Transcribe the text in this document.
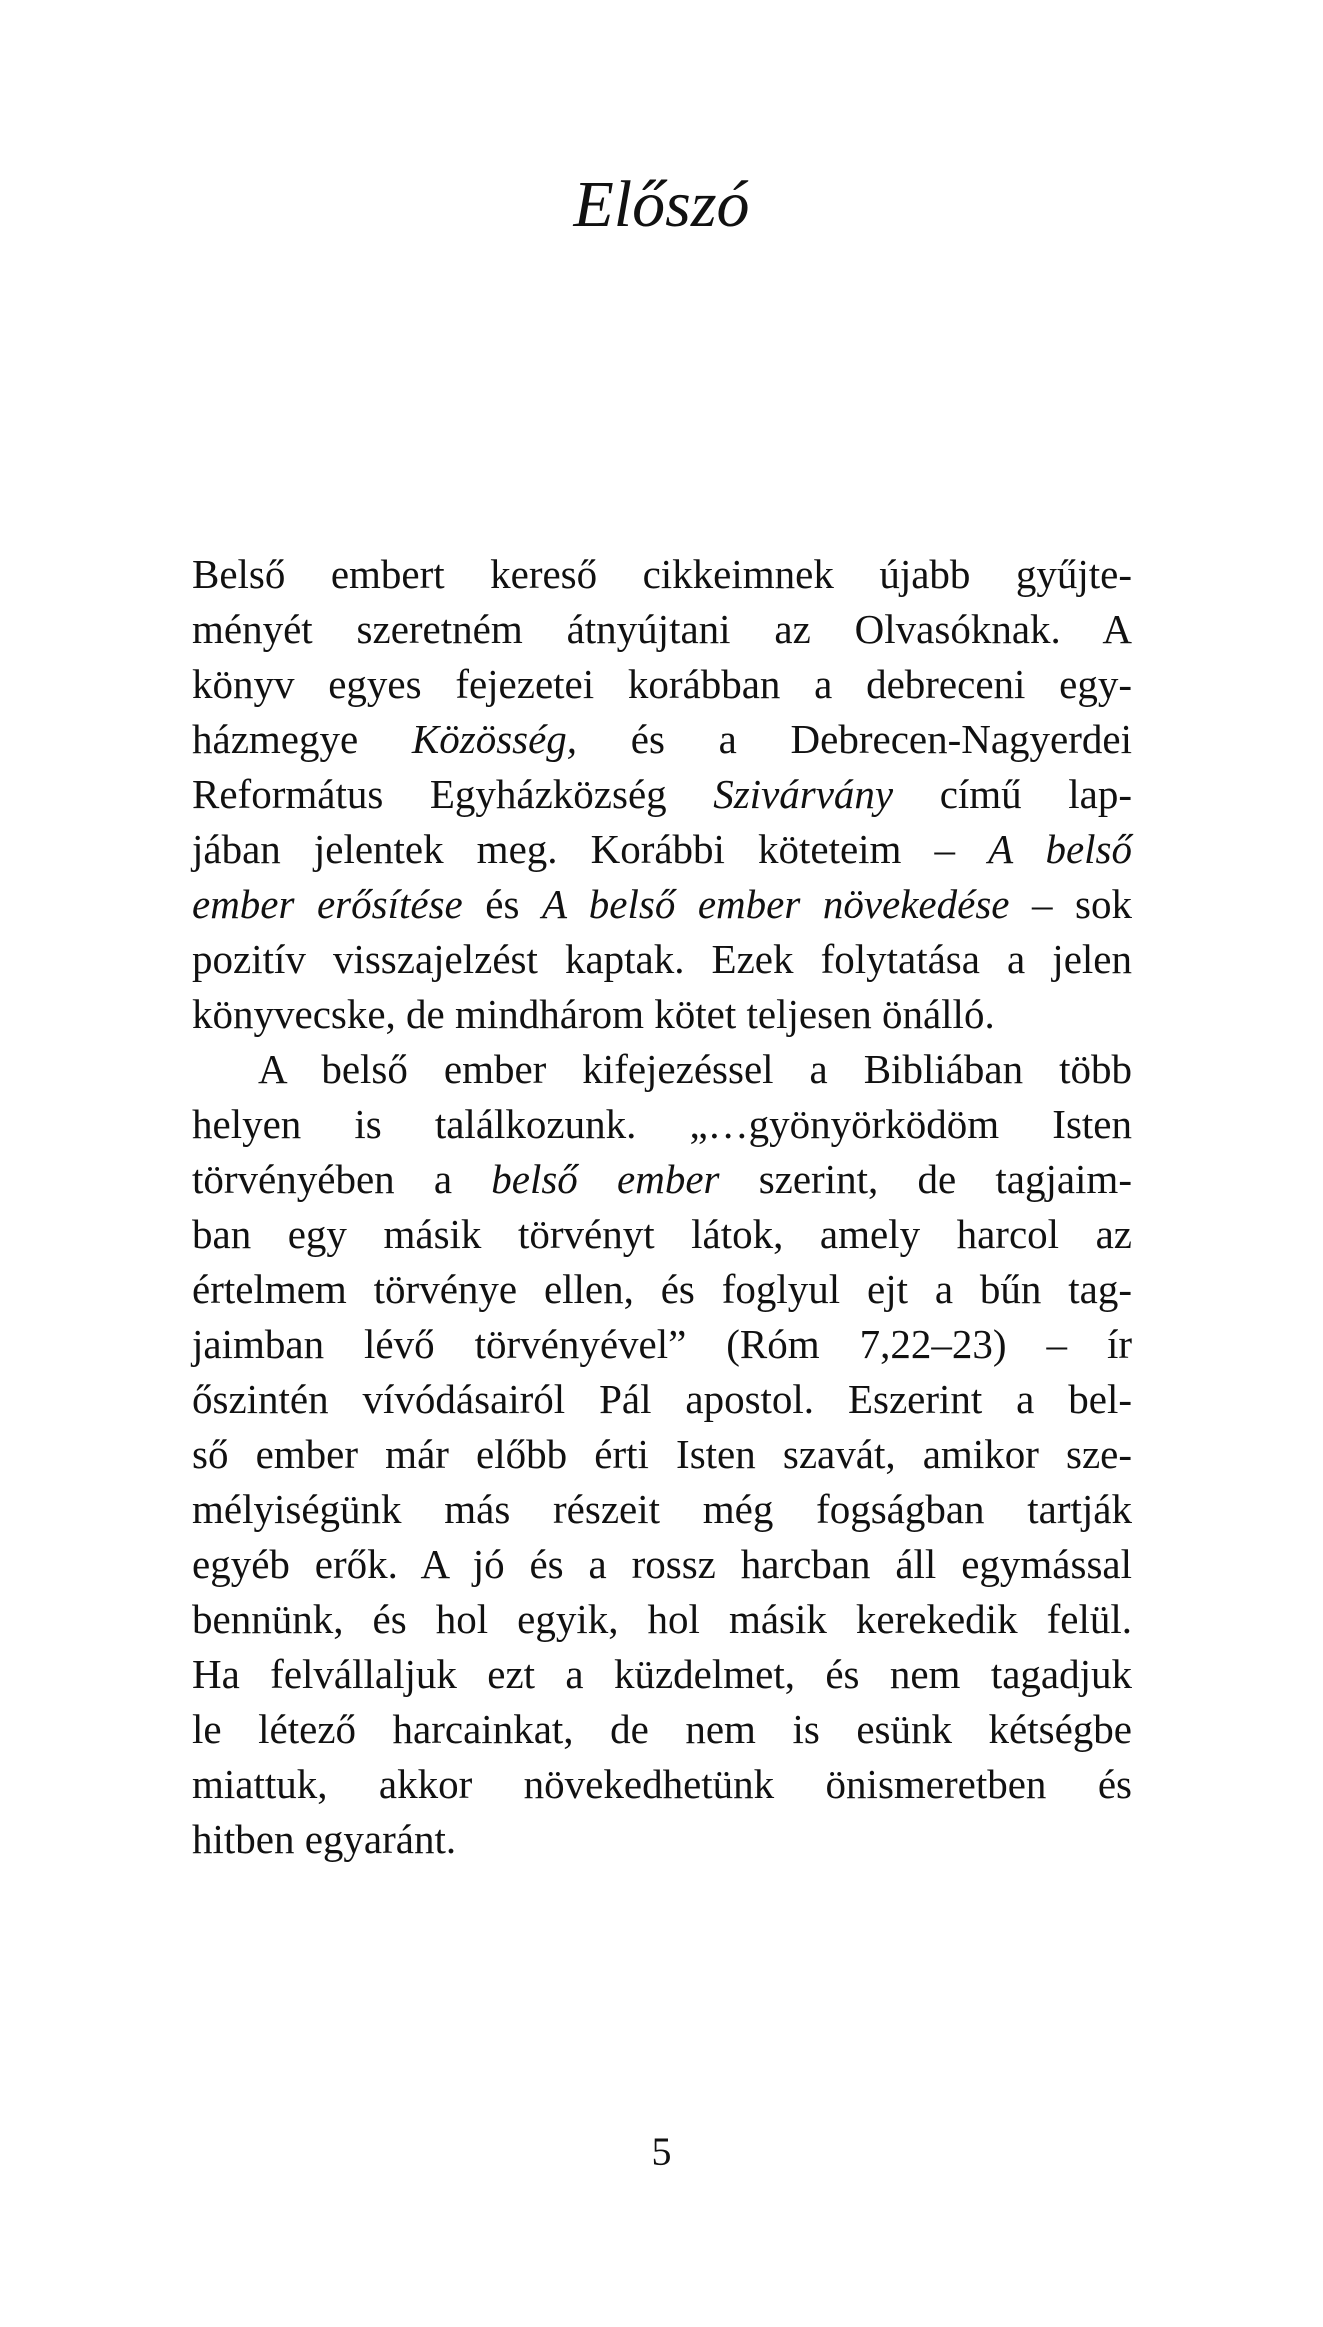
Előszó
Belső embert kereső cikkeimnek újabb gyűjte-
ményét szeretném átnyújtani az Olvasóknak. A
könyv egyes fejezetei korábban a debreceni egy-
házmegye Közösség, és a Debrecen-Nagyerdei
Református Egyházközség Szivárvány című lap-
jában jelentek meg. Korábbi köteteim – A belső
ember erősítése és A belső ember növekedése – sok
pozitív visszajelzést kaptak. Ezek folytatása a jelen
könyvecske, de mindhárom kötet teljesen önálló.
A belső ember kifejezéssel a Bibliában több
helyen is találkozunk. „…gyönyörködöm Isten
törvényében a belső ember szerint, de tagjaim-
ban egy másik törvényt látok, amely harcol az
értelmem törvénye ellen, és foglyul ejt a bűn tag-
jaimban lévő törvényével” (Róm 7,22–23) – ír
őszintén vívódásairól Pál apostol. Eszerint a bel-
ső ember már előbb érti Isten szavát, amikor sze-
mélyiségünk más részeit még fogságban tartják
egyéb erők. A jó és a rossz harcban áll egymással
bennünk, és hol egyik, hol másik kerekedik felül.
Ha felvállaljuk ezt a küzdelmet, és nem tagadjuk
le létező harcainkat, de nem is esünk kétségbe
miattuk, akkor növekedhetünk önismeretben és
hitben egyaránt.
5
